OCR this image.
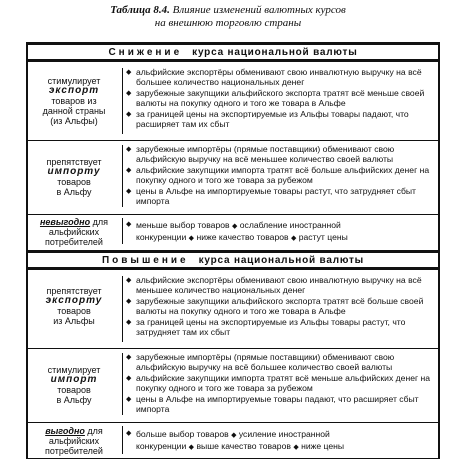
Таблица 8.4. Влияние изменений валютных курсов
на внешнюю торговлю страны
Снижение курса национальной валюты
стимулирует
экспорт
товаров из
данной страны
(из Альфы)
◆ альфийские экспортёры обменивают свою инвалютную выручку на всё большее количество национальных денег
◆ зарубежные закупщики альфийского экспорта тратят всё меньше своей валюты на покупку одного и того же товара в Альфе
◆ за границей цены на экспортируемые из Альфы товары падают, что расширяет там их сбыт
препятствует
импорту
товаров
в Альфу
◆ зарубежные импортёры (прямые поставщики) обменивают свою альфийскую выручку на всё меньшее количество своей валюты
◆ альфийские закупщики импорта тратят всё больше альфийских денег на покупку одного и того же товара за рубежом
◆ цены в Альфе на импортируемые товары растут, что затрудняет сбыт импорта
невыгодно для
альфийских
потребителей
◆ меньше выбор товаров ◆ ослабление иностранной
конкуренции ◆ ниже качество товаров ◆ растут цены
Повышение курса национальной валюты
препятствует
экспорту
товаров
из Альфы
◆ альфийские экспортёры обменивают свою инвалютную выручку на всё меньшее количество национальных денег
◆ зарубежные закупщики альфийского экспорта тратят всё больше своей валюты на покупку одного и того же товара в Альфе
◆ за границей цены на экспортируемые из Альфы товары растут, что затрудняет там их сбыт
стимулирует
импорт
товаров
в Альфу
◆ зарубежные импортёры (прямые поставщики) обменивают свою альфийскую выручку на всё большее количество своей валюты
◆ альфийские закупщики импорта тратят всё меньше альфийских денег на покупку одного и того же товара за рубежом
◆ цены в Альфе на импортируемые товары падают, что расширяет сбыт импорта
выгодно для
альфийских
потребителей
◆ больше выбор товаров ◆ усиление иностранной
конкуренции ◆ выше качество товаров ◆ ниже цены
